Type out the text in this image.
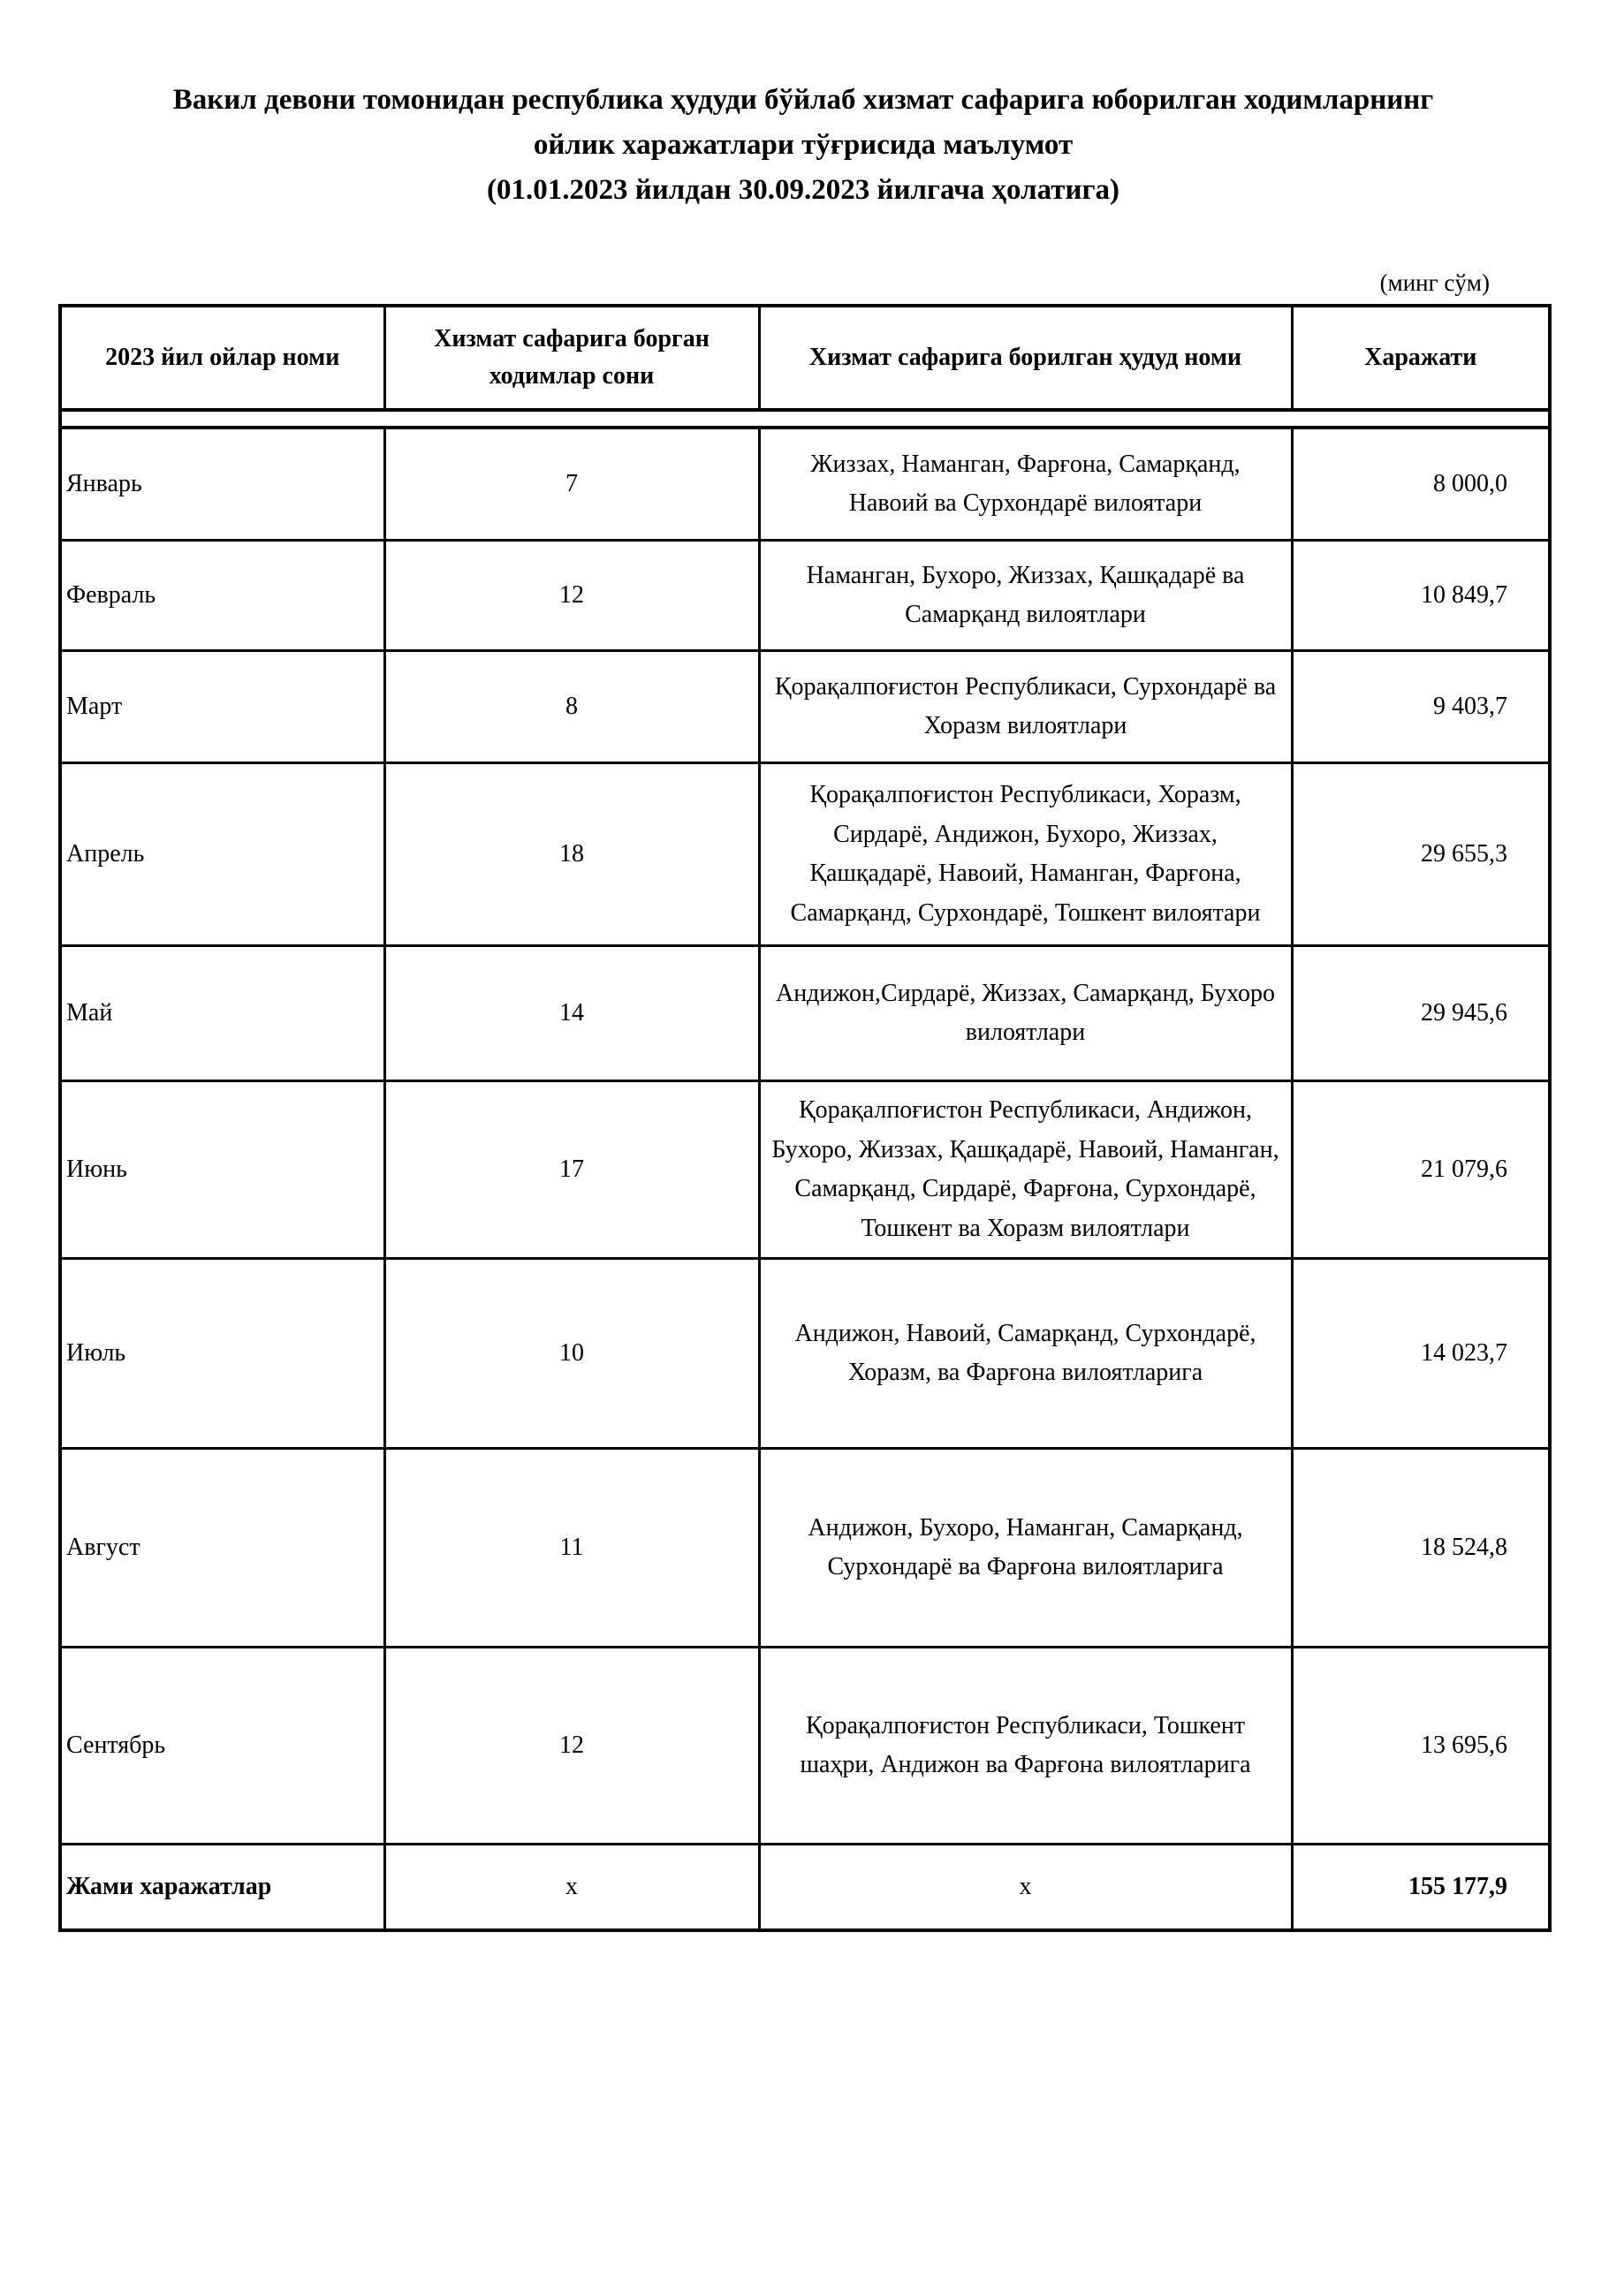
Вакил девони томонидан республика ҳудуди бўйлаб хизмат сафарига юборилган ходимларнинг
ойлик харажатлари тўғрисида маълумот
(01.01.2023 йилдан 30.09.2023 йилгача ҳолатига)
(минг сўм)
2023 йил ойлар номи	Хизмат сафарига борган ходимлар сони	Хизмат сафарига борилган ҳудуд номи	Харажати

Январь	7	Жиззах, Наманган, Фарғона, Самарқанд, Навоий ва Сурхондарё вилоятари	8 000,0
Февраль	12	Наманган, Бухоро, Жиззах, Қашқадарё ва Самарқанд вилоятлари	10 849,7
Март	8	Қорақалпоғистон Республикаси, Сурхондарё ва Хоразм вилоятлари	9 403,7
Апрель	18	Қорақалпоғистон Республикаси, Хоразм, Сирдарё, Андижон, Бухоро, Жиззах, Қашқадарё, Навоий, Наманган, Фарғона, Самарқанд, Сурхондарё, Тошкент вилоятари	29 655,3
Май	14	Андижон,Сирдарё, Жиззах, Самарқанд, Бухоро вилоятлари	29 945,6
Июнь	17	Қорақалпоғистон Республикаси, Андижон, Бухоро, Жиззах, Қашқадарё, Навоий, Наманган, Самарқанд, Сирдарё, Фарғона, Сурхондарё, Тошкент ва Хоразм вилоятлари	21 079,6
Июль	10	Андижон, Навоий, Самарқанд, Сурхондарё, Хоразм, ва Фарғона вилоятларига	14 023,7
Август	11	Андижон, Бухоро, Наманган, Самарқанд, Сурхондарё ва Фарғона вилоятларига	18 524,8
Сентябрь	12	Қорақалпоғистон Республикаси, Тошкент шаҳри, Андижон ва Фарғона вилоятларига	13 695,6
Жами харажатлар	x	x	155 177,9
